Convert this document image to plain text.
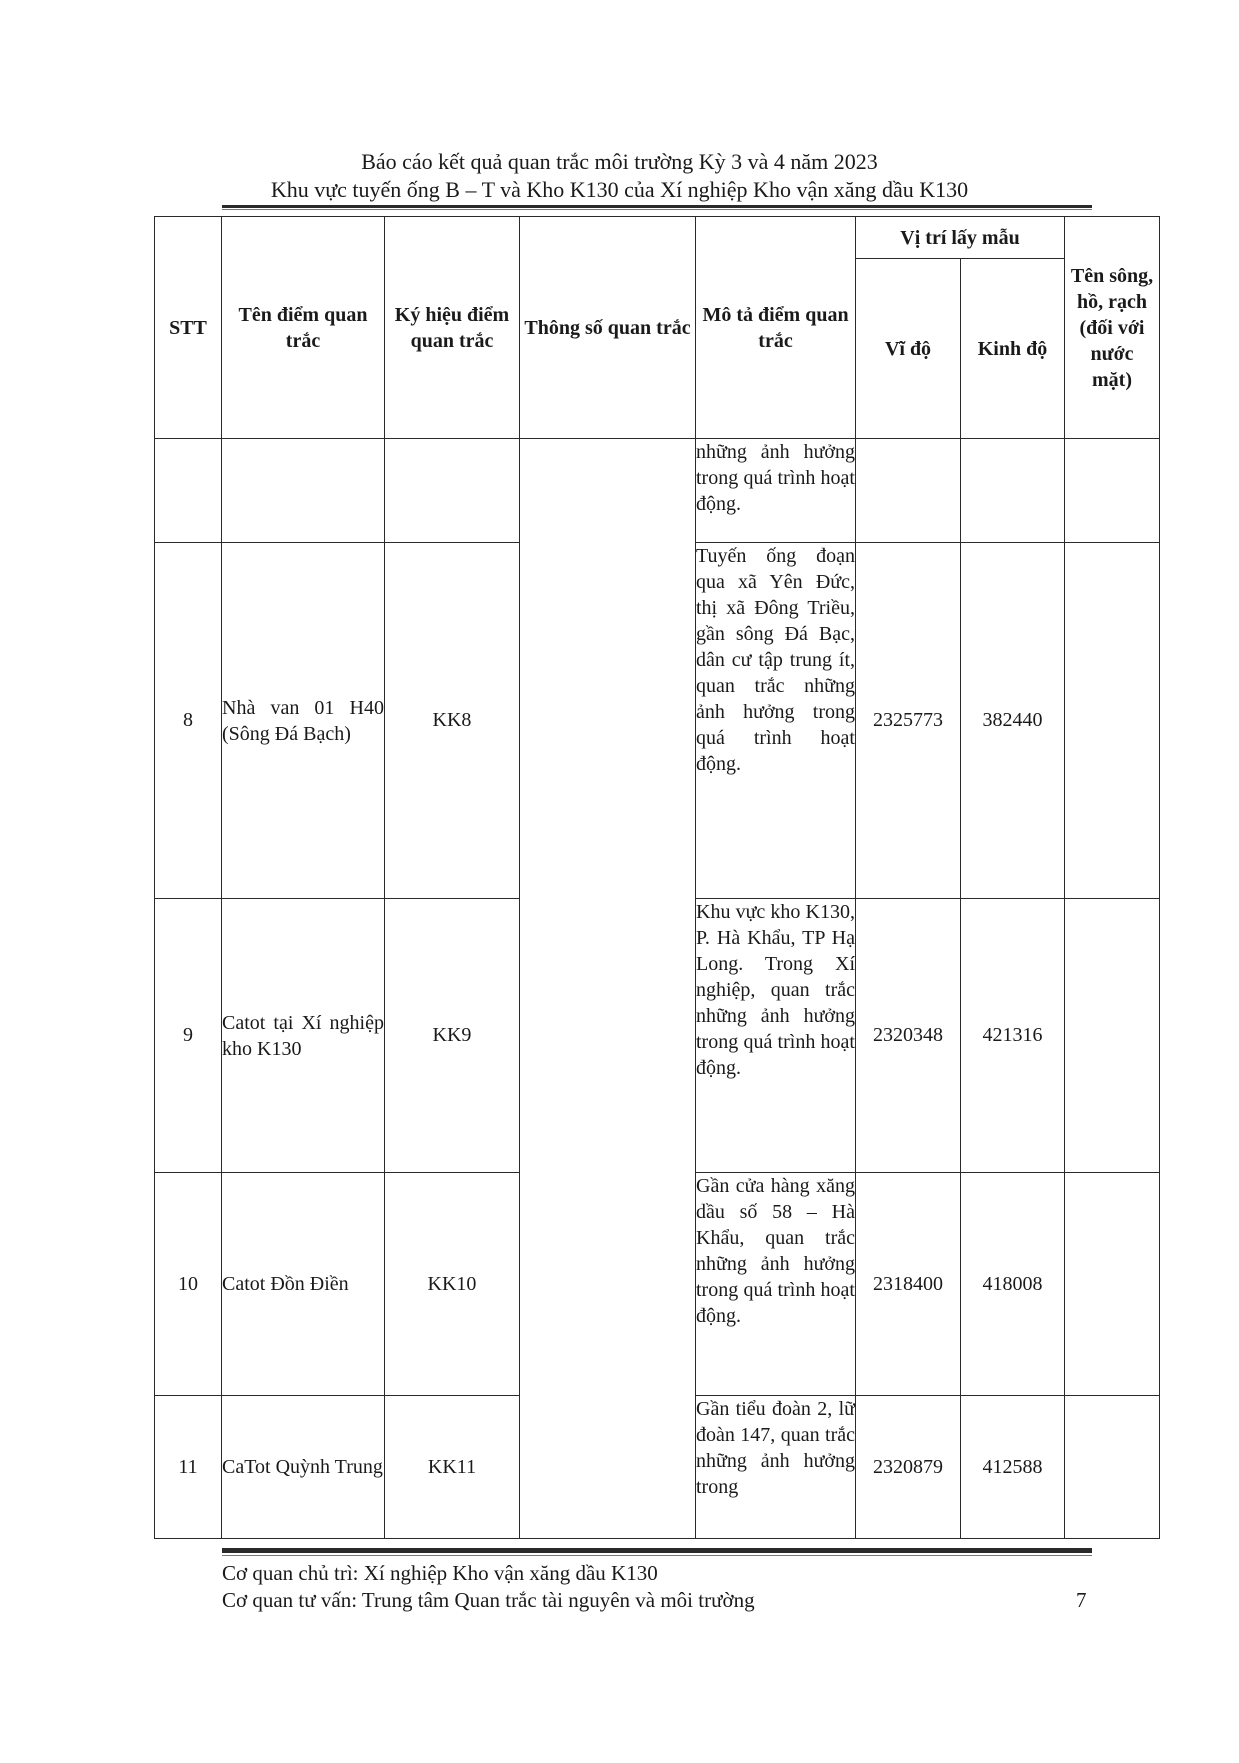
Báo cáo kết quả quan trắc môi trường Kỳ 3 và 4 năm 2023
Khu vực tuyến ống B – T và Kho K130 của Xí nghiệp Kho vận xăng dầu K130
STT	Tên điểm quan trắc	Ký hiệu điểm quan trắc	Thông số quan trắc	Mô tả điểm quan trắc	Vị trí lấy mẫu		Tên sông, hồ, rạch (đối với nước mặt)
					Vĩ độ	Kinh độ	
				những ảnh hưởng trong quá trình hoạt động.			
8	Nhà van 01 H40 (Sông Đá Bạch)	KK8		Tuyến ống đoạn qua xã Yên Đức, thị xã Đông Triều, gần sông Đá Bạc, dân cư tập trung ít, quan trắc những ảnh hưởng trong quá trình hoạt động.	2325773	382440	
9	Catot tại Xí nghiệp kho K130	KK9		Khu vực kho K130, P. Hà Khẩu, TP Hạ Long. Trong Xí nghiệp, quan trắc những ảnh hưởng trong quá trình hoạt động.	2320348	421316	
10	Catot Đồn Điền	KK10		Gần cửa hàng xăng dầu số 58 – Hà Khẩu, quan trắc những ảnh hưởng trong quá trình hoạt động.	2318400	418008	
11	CaTot Quỳnh Trung	KK11		Gần tiểu đoàn 2, lữ đoàn 147, quan trắc những ảnh hưởng trong	2320879	412588	
Cơ quan chủ trì: Xí nghiệp Kho vận xăng dầu K130
Cơ quan tư vấn: Trung tâm Quan trắc tài nguyên và môi trường	7
